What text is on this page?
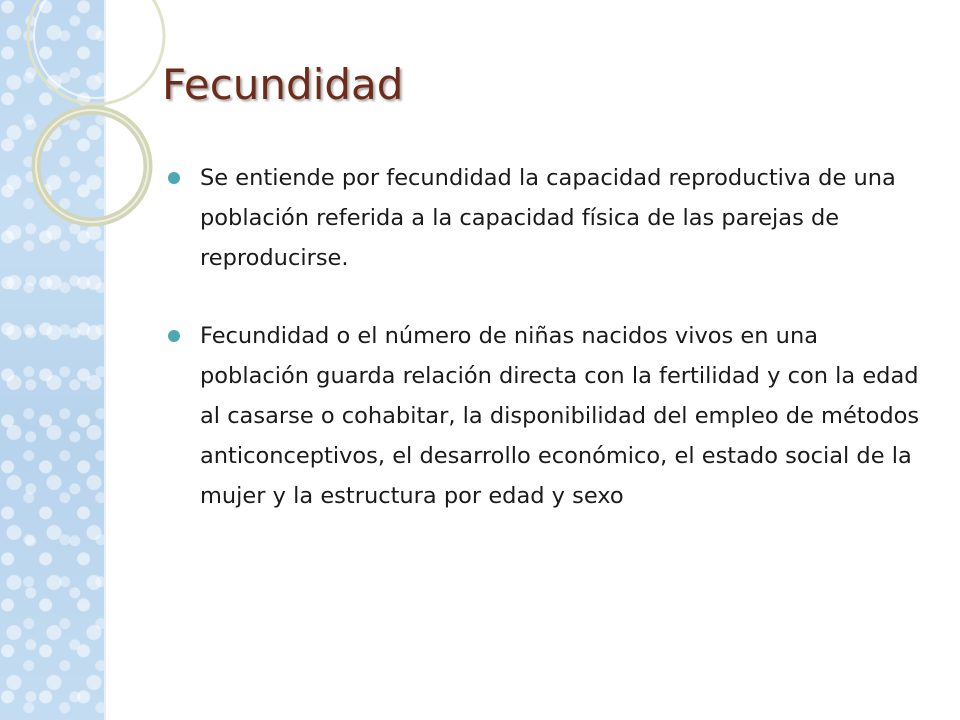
Fecundidad
Se entiende por fecundidad la capacidad reproductiva de una población referida a la capacidad física de las parejas de reproducirse.
Fecundidad o el número de niñas nacidos vivos en una población guarda relación directa con la fertilidad y con la edad al casarse o cohabitar, la disponibilidad del empleo de métodos anticonceptivos, el desarrollo económico, el estado social de la mujer y la estructura por edad y sexo
